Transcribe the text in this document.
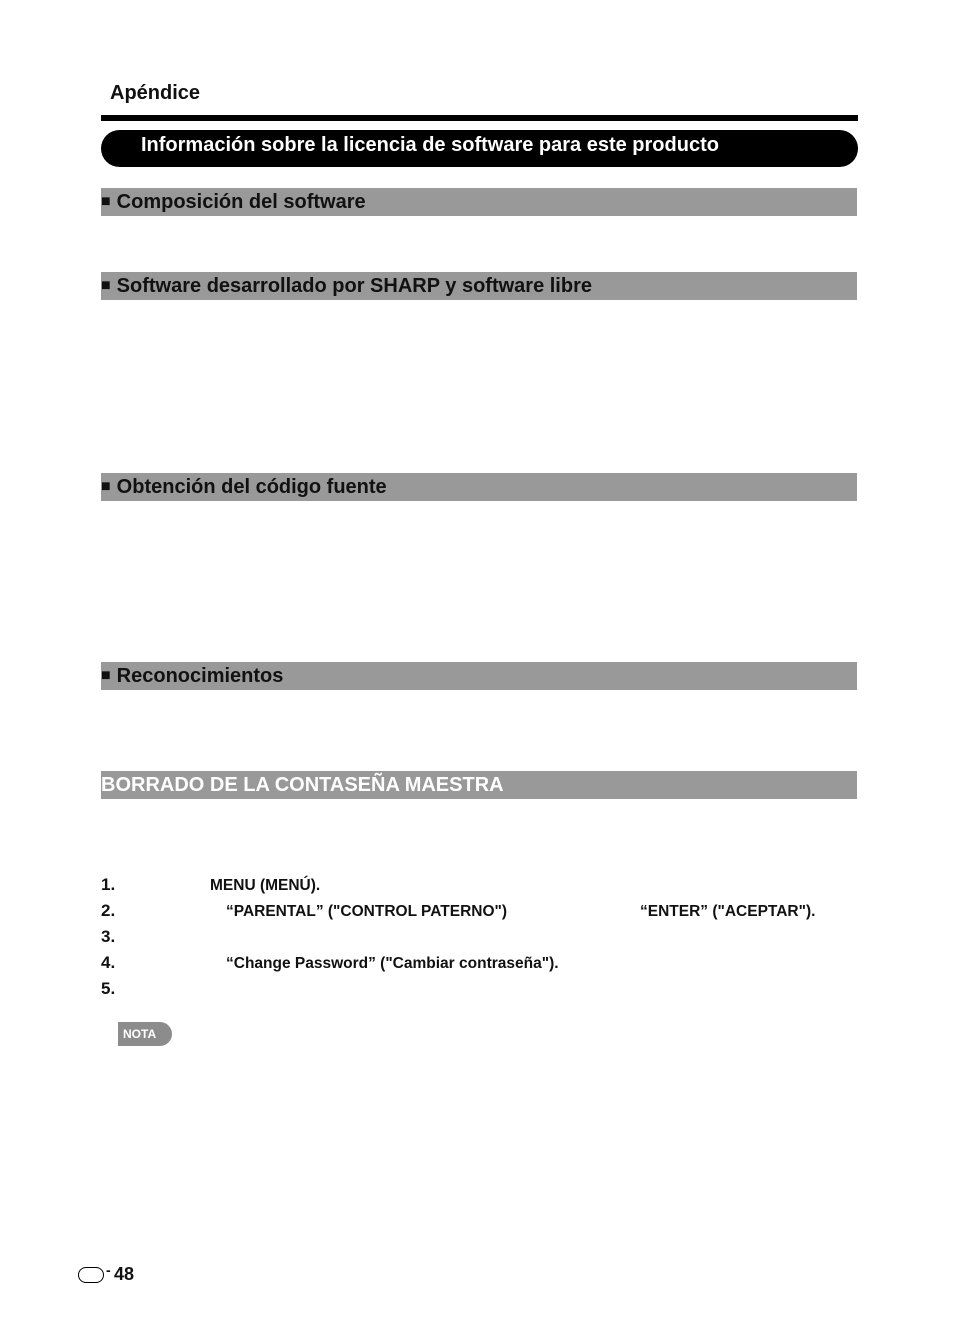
Apéndice
Información sobre la licencia de software para este producto
■ Composición del software
■ Software desarrollado por SHARP y software libre
■ Obtención del código fuente
■ Reconocimientos
BORRADO DE LA CONTASEÑA MAESTRA
1.	MENU (MENÚ).
2.	“PARENTAL” ("CONTROL PATERNO")	“ENTER” ("ACEPTAR").
3.
4.	“Change Password” ("Cambiar contraseña").
5.
NOTA
- 48
